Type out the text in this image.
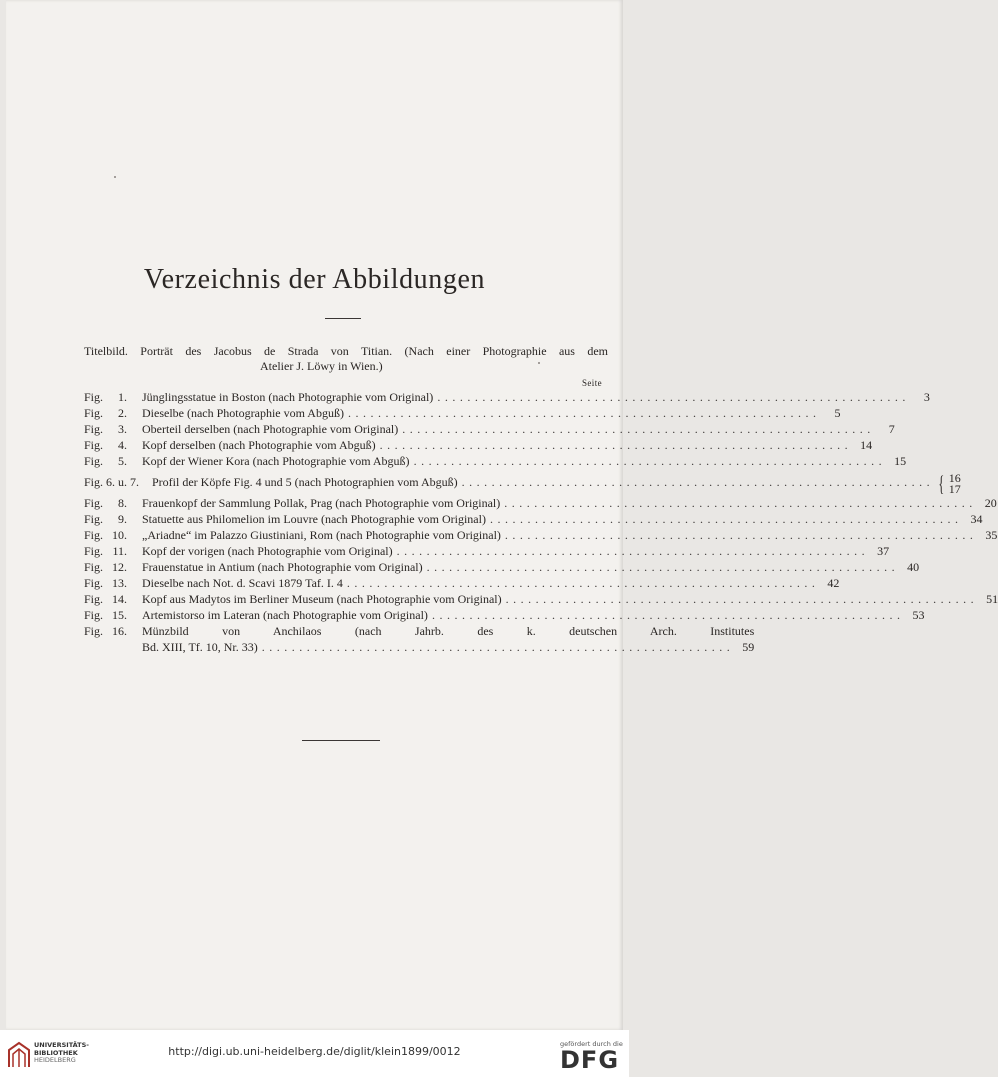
Verzeichnis der Abbildungen
Titelbild. Porträt des Jacobus de Strada von Titian. (Nach einer Photographie aus dem
Atelier J. Löwy in Wien.)
Seite
Fig. 1.	Jünglingsstatue in Boston (nach Photographie vom Original) ...............................................................	3
Fig. 2.	Dieselbe (nach Photographie vom Abguß) ...............................................................	5
Fig. 3.	Oberteil derselben (nach Photographie vom Original) ...............................................................	7
Fig. 4.	Kopf derselben (nach Photographie vom Abguß) ............................................................... 14
Fig. 5.	Kopf der Wiener Kora (nach Photographie vom Abguß) ............................................................... 15
Fig. 6. u. 7.	Profil der Köpfe Fig. 4 und 5 (nach Photographien vom Abguß) ............................................................... { 16
17
Fig. 8.	Frauenkopf der Sammlung Pollak, Prag (nach Photographie vom Original) ............................................................... 20
Fig. 9.	Statuette aus Philomelion im Louvre (nach Photographie vom Original) ............................................................... 34
Fig. 10.	„Ariadne“ im Palazzo Giustiniani, Rom (nach Photographie vom Original) ............................................................... 35
Fig. 11.	Kopf der vorigen (nach Photographie vom Original) ............................................................... 37
Fig. 12.	Frauenstatue in Antium (nach Photographie vom Original) ............................................................... 40
Fig. 13.	Dieselbe nach Not. d. Scavi 1879 Taf. I. 4 ............................................................... 42
Fig. 14.	Kopf aus Madytos im Berliner Museum (nach Photographie vom Original) ............................................................... 51
Fig. 15.	Artemistorso im Lateran (nach Photographie vom Original) ............................................................... 53
Fig. 16.	Münzbild von Anchilaos (nach Jahrb. des k. deutschen Arch. Institutes
Bd. XIII, Tf. 10, Nr. 33) ............................................................... 59
UNIVERSITÄTS-
BIBLIOTHEK
HEIDELBERG
http://digi.ub.uni-heidelberg.de/diglit/klein1899/0012
gefördert durch die
DFG
